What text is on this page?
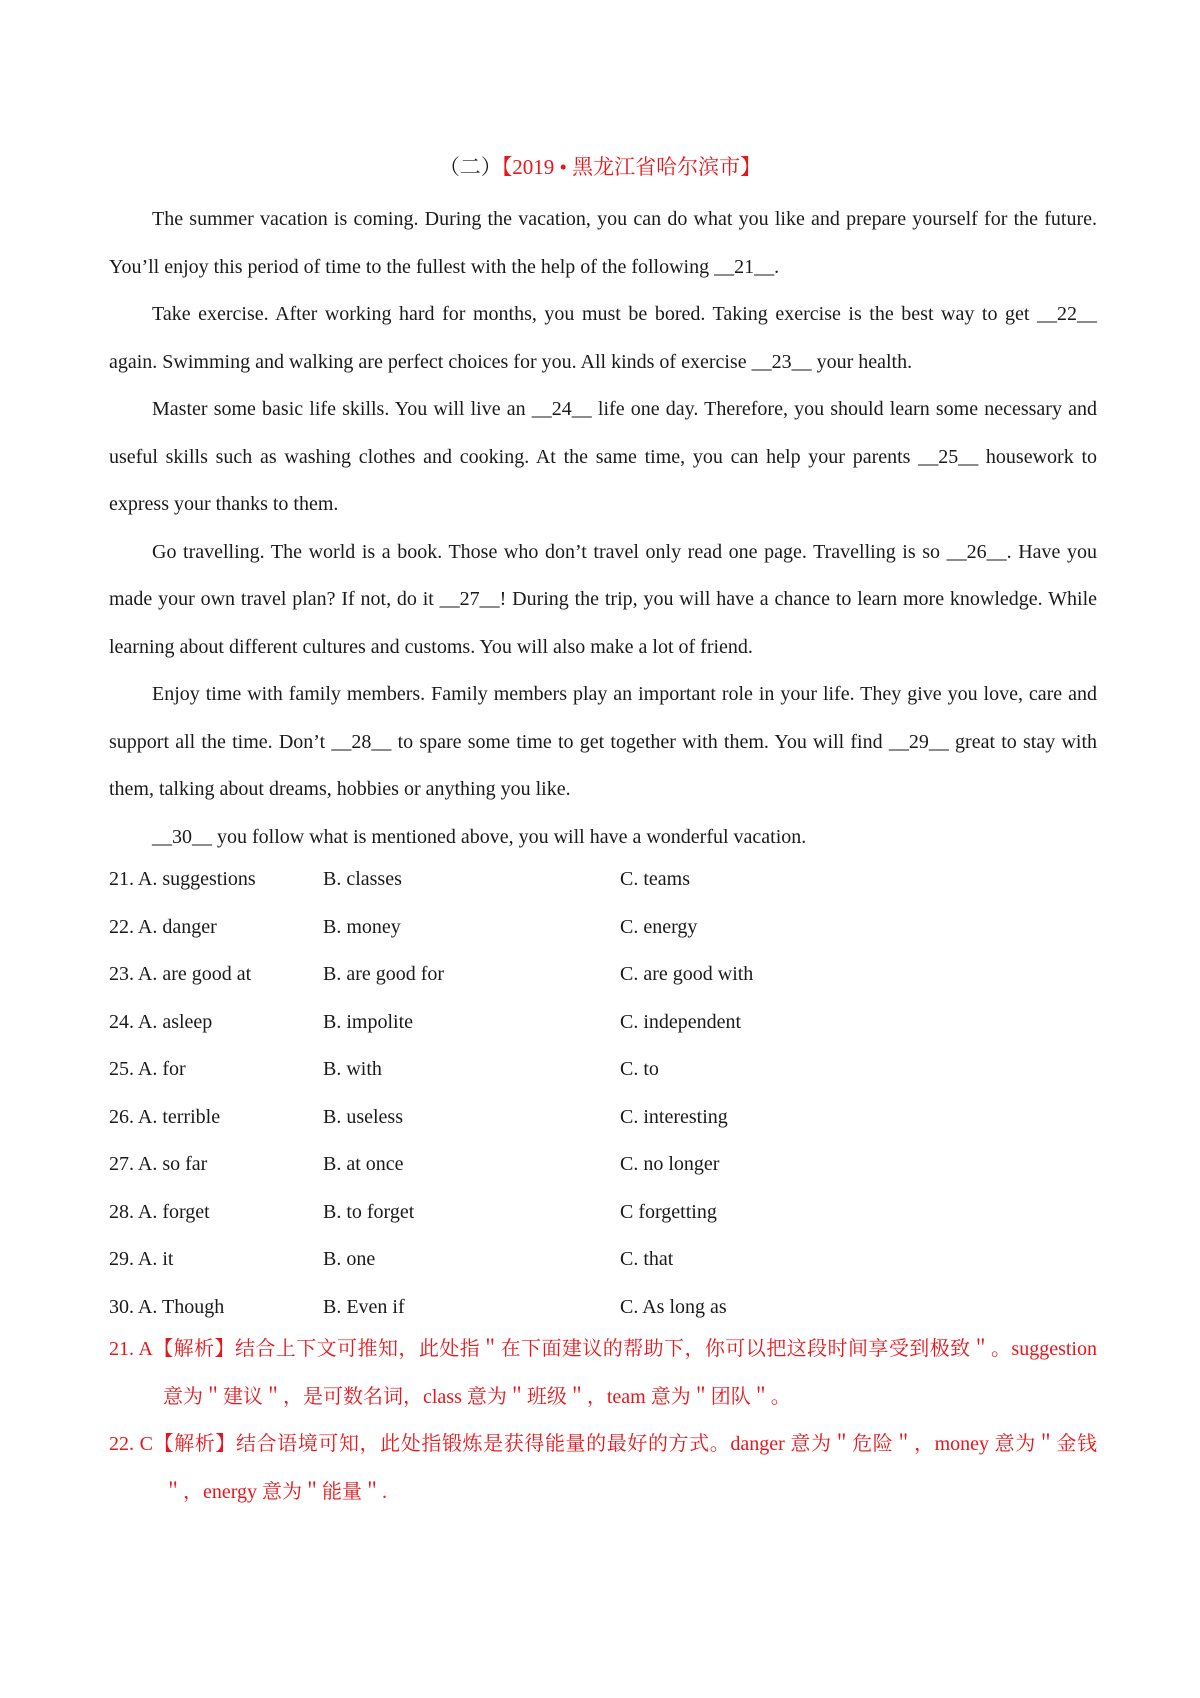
（二）【2019 • 黑龙江省哈尔滨市】

The summer vacation is coming. During the vacation, you can do what you like and prepare yourself for the future. You’ll enjoy this period of time to the fullest with the help of the following __21__.

Take exercise. After working hard for months, you must be bored. Taking exercise is the best way to get __22__ again. Swimming and walking are perfect choices for you. All kinds of exercise __23__ your health.

Master some basic life skills. You will live an __24__ life one day. Therefore, you should learn some necessary and useful skills such as washing clothes and cooking. At the same time, you can help your parents __25__ housework to express your thanks to them.

Go travelling. The world is a book. Those who don’t travel only read one page. Travelling is so __26__. Have you made your own travel plan? If not, do it __27__! During the trip, you will have a chance to learn more knowledge. While learning about different cultures and customs. You will also make a lot of friend.

Enjoy time with family members. Family members play an important role in your life. They give you love, care and support all the time. Don’t __28__ to spare some time to get together with them. You will find __29__ great to stay with them, talking about dreams, hobbies or anything you like.

__30__ you follow what is mentioned above, you will have a wonderful vacation.

21. A. suggestions	B. classes	C. teams
22. A. danger	B. money	C. energy
23. A. are good at	B. are good for	C. are good with
24. A. asleep	B. impolite	C. independent
25. A. for	B. with	C. to
26. A. terrible	B. useless	C. interesting
27. A. so far	B. at once	C. no longer
28. A. forget	B. to forget	C forgetting
29. A. it	B. one	C. that
30. A. Though	B. Even if	C. As long as

21. A【解析】结合上下文可推知，此处指＂在下面建议的帮助下，你可以把这段时间享受到极致＂。suggestion 意为＂建议＂，是可数名词，class 意为＂班级＂，team 意为＂团队＂。

22. C【解析】结合语境可知，此处指锻炼是获得能量的最好的方式。danger 意为＂危险＂，money 意为＂金钱＂，energy 意为＂能量＂.
